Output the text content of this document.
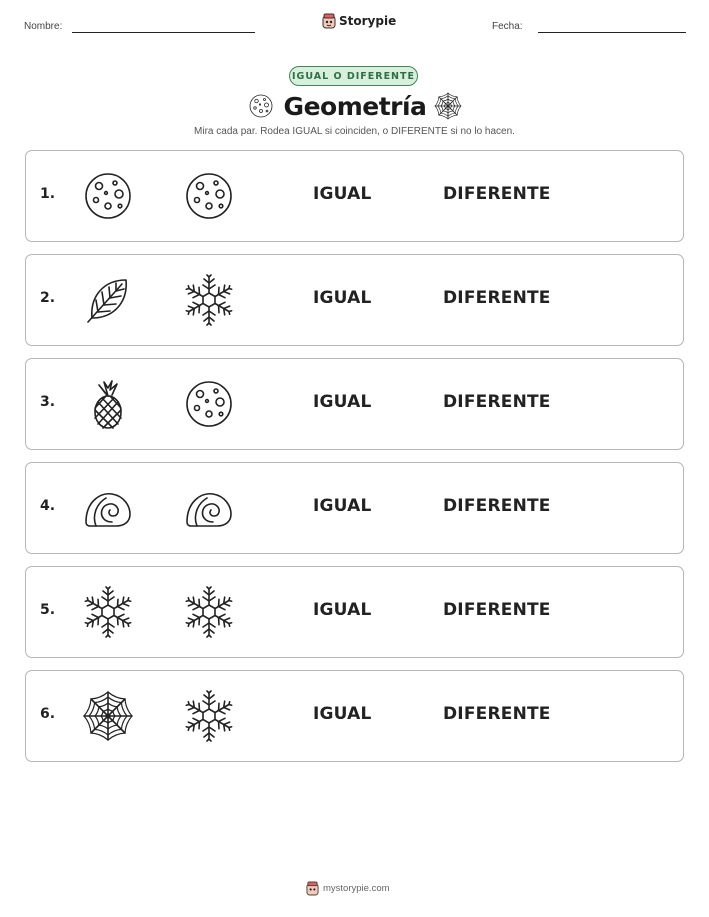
Nombre:	Storypie	Fecha:
IGUAL O DIFERENTE
Geometría
Mira cada par. Rodea IGUAL si coinciden, o DIFERENTE si no lo hacen.
1.	IGUAL	DIFERENTE
2.	IGUAL	DIFERENTE
3.	IGUAL	DIFERENTE
4.	IGUAL	DIFERENTE
5.	IGUAL	DIFERENTE
6.	IGUAL	DIFERENTE
mystorypie.com
